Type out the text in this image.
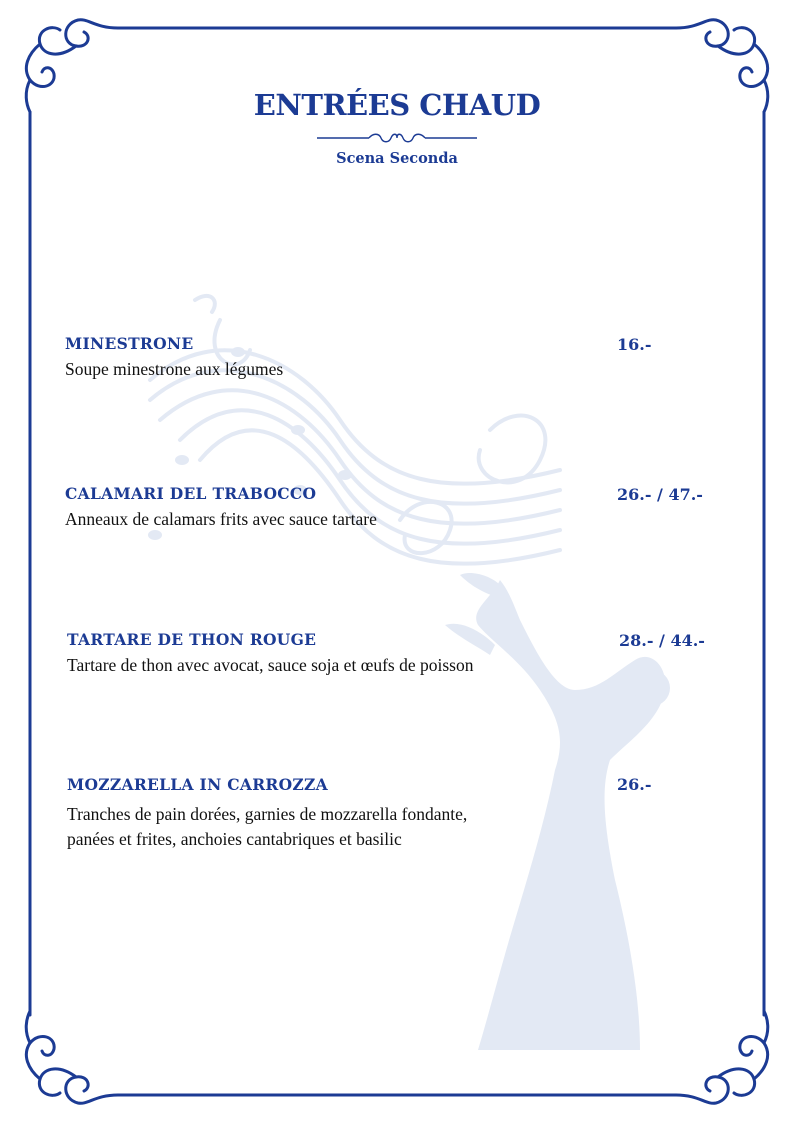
ENTRÉES CHAUD
Scena Seconda
MINESTRONE	16.-
Soupe minestrone aux légumes
CALAMARI DEL TRABOCCO	26.- / 47.-
Anneaux de calamars frits avec sauce tartare
TARTARE DE THON ROUGE	28.- / 44.-
Tartare de thon avec avocat, sauce soja et œufs de poisson
MOZZARELLA IN CARROZZA	26.-
Tranches de pain dorées, garnies de mozzarella fondante,
panées et frites, anchoies cantabriques et basilic
